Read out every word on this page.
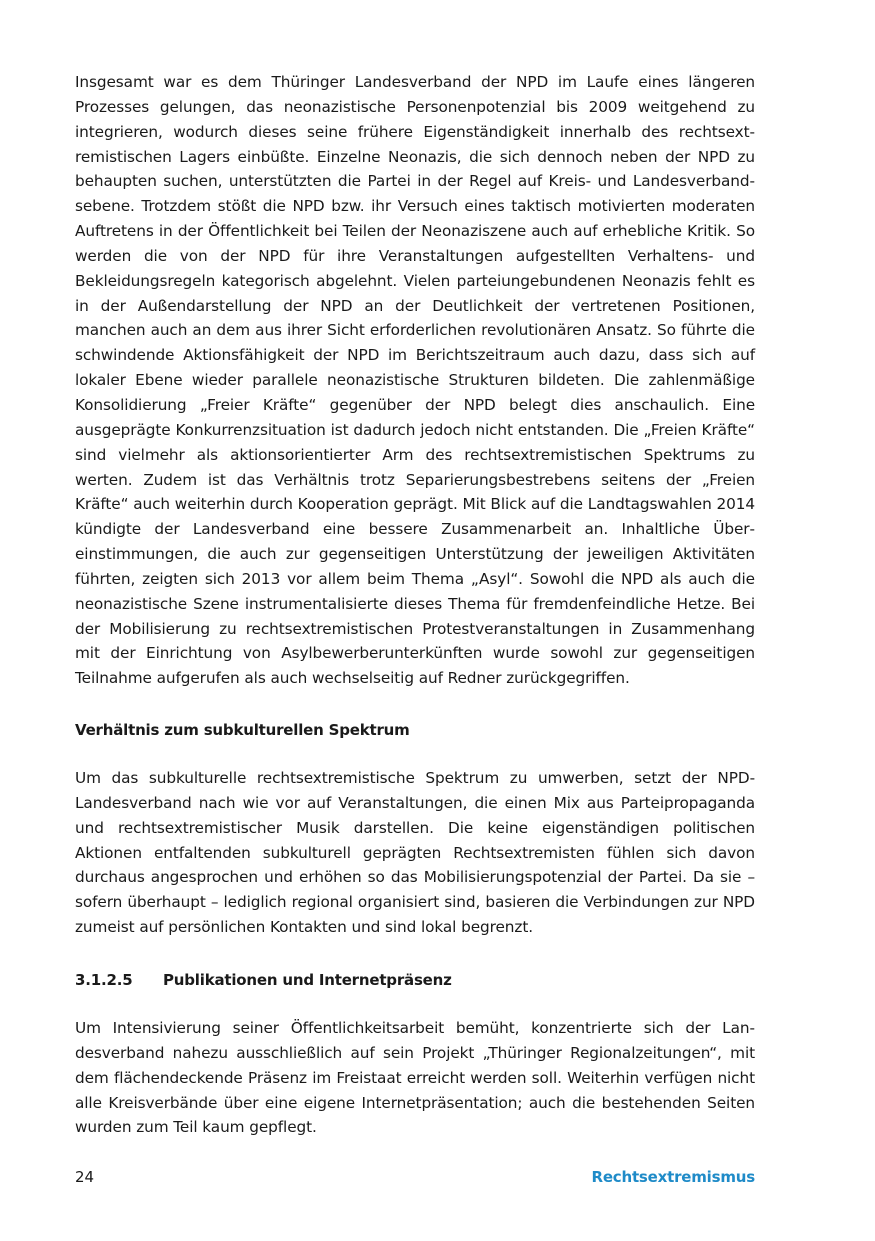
Insgesamt war es dem Thüringer Landesverband der NPD im Laufe eines längeren Prozesses gelungen, das neonazistische Personenpotenzial bis 2009 weitgehend zu integrieren, wodurch dieses seine frühere Eigenständigkeit innerhalb des rechtsextremistischen Lagers einbüßte. Einzelne Neonazis, die sich dennoch neben der NPD zu behaupten suchen, unterstützten die Partei in der Regel auf Kreis- und Landesverbandsebene. Trotzdem stößt die NPD bzw. ihr Versuch eines taktisch motivierten moderaten Auftretens in der Öffentlichkeit bei Teilen der Neonaziszene auch auf erhebliche Kritik. So werden die von der NPD für ihre Veranstaltungen aufgestellten Verhaltens- und Bekleidungsregeln kategorisch abgelehnt. Vielen parteiungebundenen Neonazis fehlt es in der Außendarstellung der NPD an der Deutlichkeit der vertretenen Positionen, manchen auch an dem aus ihrer Sicht erforderlichen revolutionären Ansatz. So führte die schwindende Aktionsfähigkeit der NPD im Berichtszeitraum auch dazu, dass sich auf lokaler Ebene wieder parallele neonazistische Strukturen bildeten. Die zahlenmäßige Konsolidierung „Freier Kräfte“ gegenüber der NPD belegt dies anschaulich. Eine ausgeprägte Konkurrenzsituation ist dadurch jedoch nicht entstanden. Die „Freien Kräfte“ sind vielmehr als aktionsorientierter Arm des rechtsextremistischen Spektrums zu werten. Zudem ist das Verhältnis trotz Separierungsbestrebens seitens der „Freien Kräfte“ auch weiterhin durch Kooperation geprägt. Mit Blick auf die Landtagswahlen 2014 kündigte der Landesverband eine bessere Zusammenarbeit an. Inhaltliche Übereinstimmungen, die auch zur gegenseitigen Unterstützung der jeweiligen Aktivitäten führten, zeigten sich 2013 vor allem beim Thema „Asyl“. Sowohl die NPD als auch die neonazistische Szene instrumentalisierte dieses Thema für fremdenfeindliche Hetze. Bei der Mobilisierung zu rechtsextremistischen Protestveranstaltungen in Zusammenhang mit der Einrichtung von Asylbewerberunterkünften wurde sowohl zur gegenseitigen Teilnahme aufgerufen als auch wechselseitig auf Redner zurückgegriffen.

Verhältnis zum subkulturellen Spektrum

Um das subkulturelle rechtsextremistische Spektrum zu umwerben, setzt der NPD-Landesverband nach wie vor auf Veranstaltungen, die einen Mix aus Parteipropaganda und rechtsextremistischer Musik darstellen. Die keine eigenständigen politischen Aktionen entfaltenden subkulturell geprägten Rechtsextremisten fühlen sich davon durchaus angesprochen und erhöhen so das Mobilisierungspotenzial der Partei. Da sie – sofern überhaupt – lediglich regional organisiert sind, basieren die Verbindungen zur NPD zumeist auf persönlichen Kontakten und sind lokal begrenzt.

3.1.2.5	Publikationen und Internetpräsenz

Um Intensivierung seiner Öffentlichkeitsarbeit bemüht, konzentrierte sich der Landesverband nahezu ausschließlich auf sein Projekt „Thüringer Regionalzeitungen“, mit dem flächendeckende Präsenz im Freistaat erreicht werden soll. Weiterhin verfügen nicht alle Kreisverbände über eine eigene Internetpräsentation; auch die bestehenden Seiten wurden zum Teil kaum gepflegt.

24	Rechtsextremismus
